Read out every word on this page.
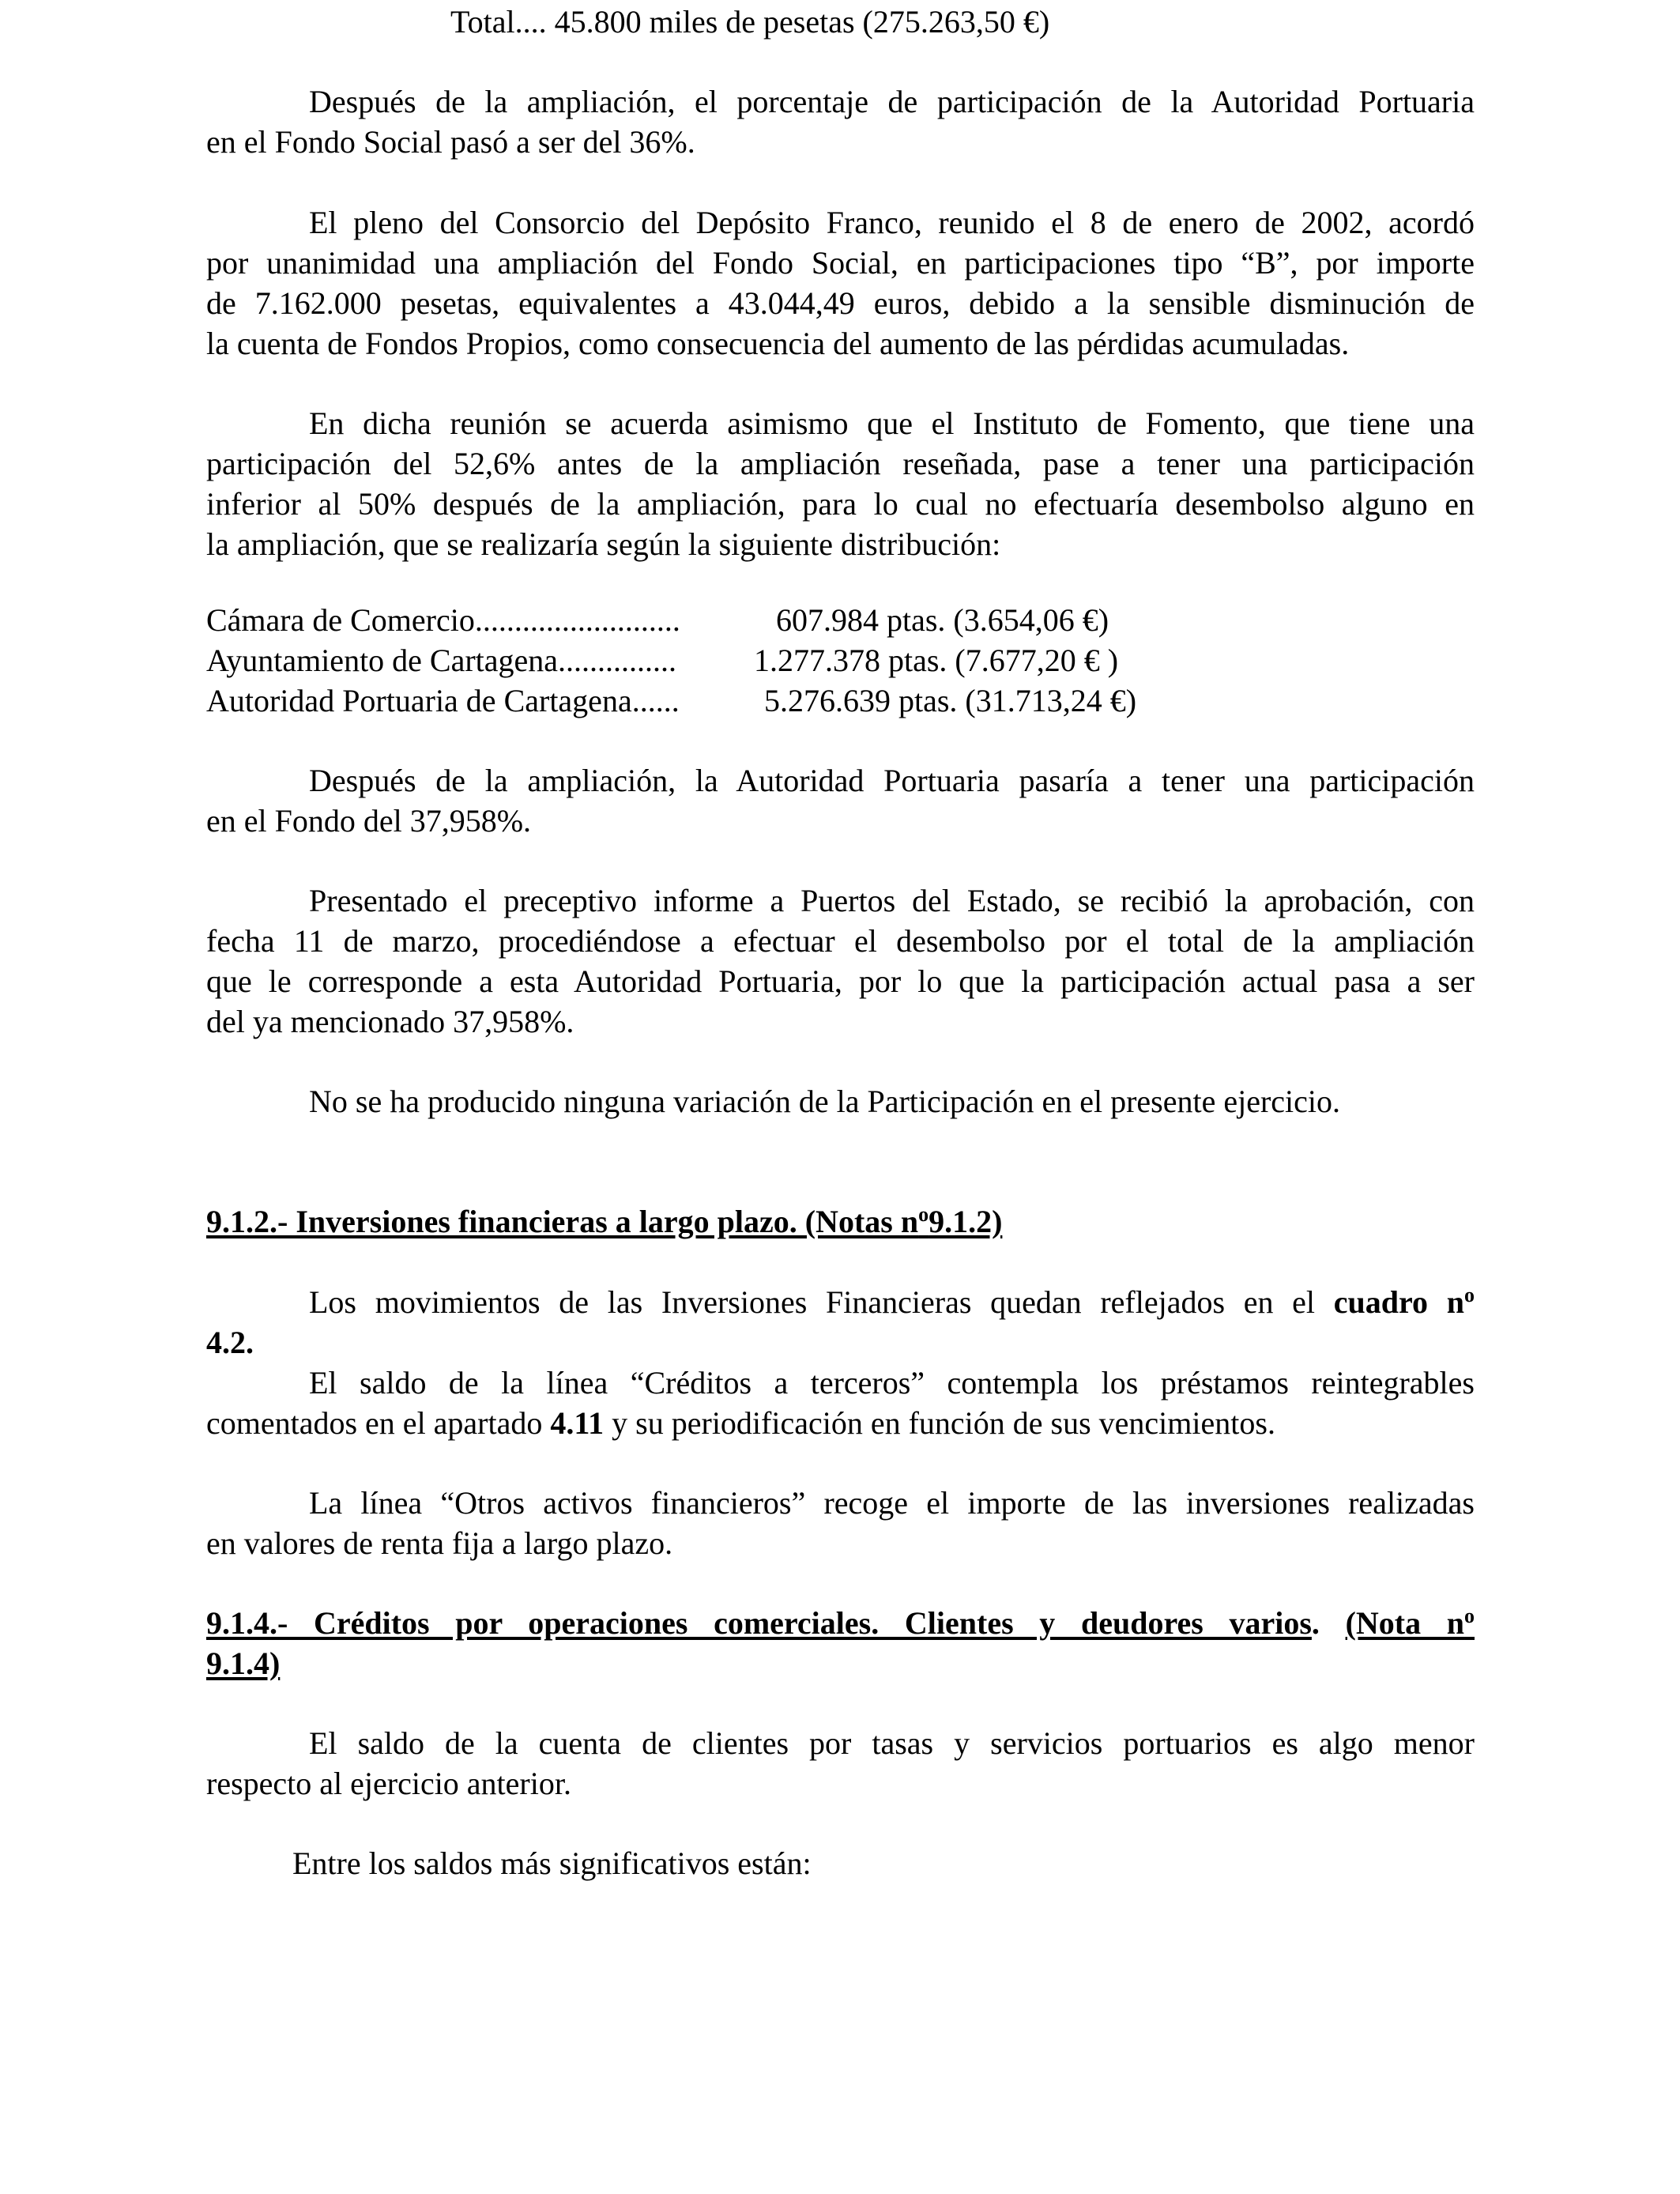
Total.... 45.800 miles de pesetas (275.263,50 €)
Después de la ampliación, el porcentaje de participación de la Autoridad Portuaria
en el Fondo Social pasó a ser del 36%.
El pleno del Consorcio del Depósito Franco, reunido el 8 de enero de 2002, acordó
por unanimidad una ampliación del Fondo Social, en participaciones tipo “B”, por importe
de 7.162.000 pesetas, equivalentes a 43.044,49 euros, debido a la sensible disminución de
la cuenta de Fondos Propios, como consecuencia del aumento de las pérdidas acumuladas.
En dicha reunión se acuerda asimismo que el Instituto de Fomento, que tiene una
participación del 52,6% antes de la ampliación reseñada, pase a tener una participación
inferior al 50% después de la ampliación, para lo cual no efectuaría desembolso alguno en
la ampliación, que se realizaría según la siguiente distribución:
Cámara de Comercio..........................	607.984 ptas. (3.654,06 €)
Ayuntamiento de Cartagena............... 1.277.378 ptas. (7.677,20 € )
Autoridad Portuaria de Cartagena......	5.276.639 ptas. (31.713,24 €)
Después de la ampliación, la Autoridad Portuaria pasaría a tener una participación
en el Fondo del 37,958%.
Presentado el preceptivo informe a Puertos del Estado, se recibió la aprobación, con
fecha 11 de marzo, procediéndose a efectuar el desembolso por el total de la ampliación
que le corresponde a esta Autoridad Portuaria, por lo que la participación actual pasa a ser
del ya mencionado 37,958%.
No se ha producido ninguna variación de la Participación en el presente ejercicio.
9.1.2.- Inversiones financieras a largo plazo. (Notas $n^o9.1.2$)
Los movimientos de las Inversiones Financieras quedan reflejados en el cuadro $n^o$
4.2.
El saldo de la línea “Créditos a terceros” contempla los préstamos reintegrables
comentados en el apartado 4.11 y su periodificación en función de sus vencimientos.
La línea “Otros activos financieros” recoge el importe de las inversiones realizadas
en valores de renta fija a largo plazo.
9.1.4.- Créditos por operaciones comerciales. Clientes y deudores varios. (Nota $n^o$
9.1.4)
El saldo de la cuenta de clientes por tasas y servicios portuarios es algo menor
respecto al ejercicio anterior.
Entre los saldos más significativos están:
